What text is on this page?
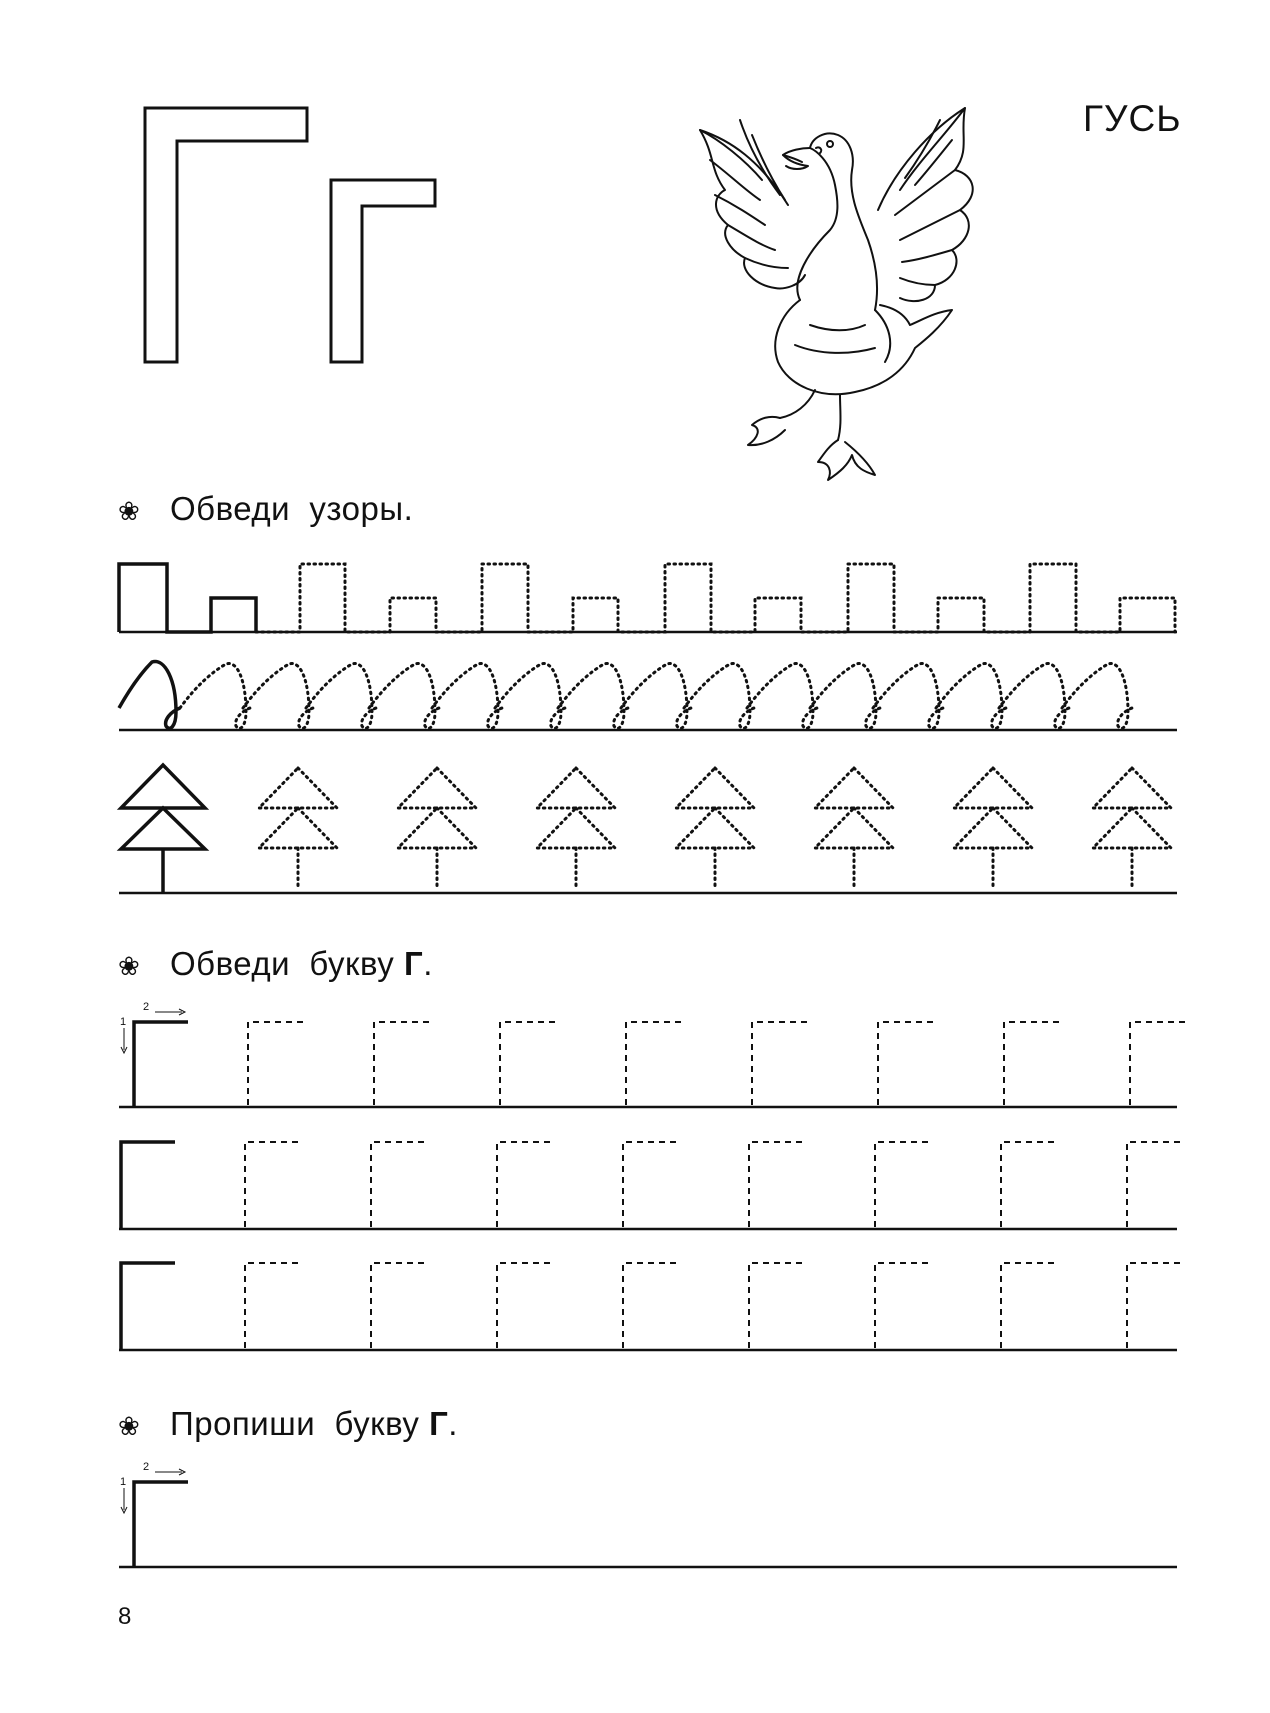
ГУСЬ
❀ Обведи  узоры.
❀ Обведи  букву Г.
1
2
❀ Пропиши  букву Г.
1
2
8
